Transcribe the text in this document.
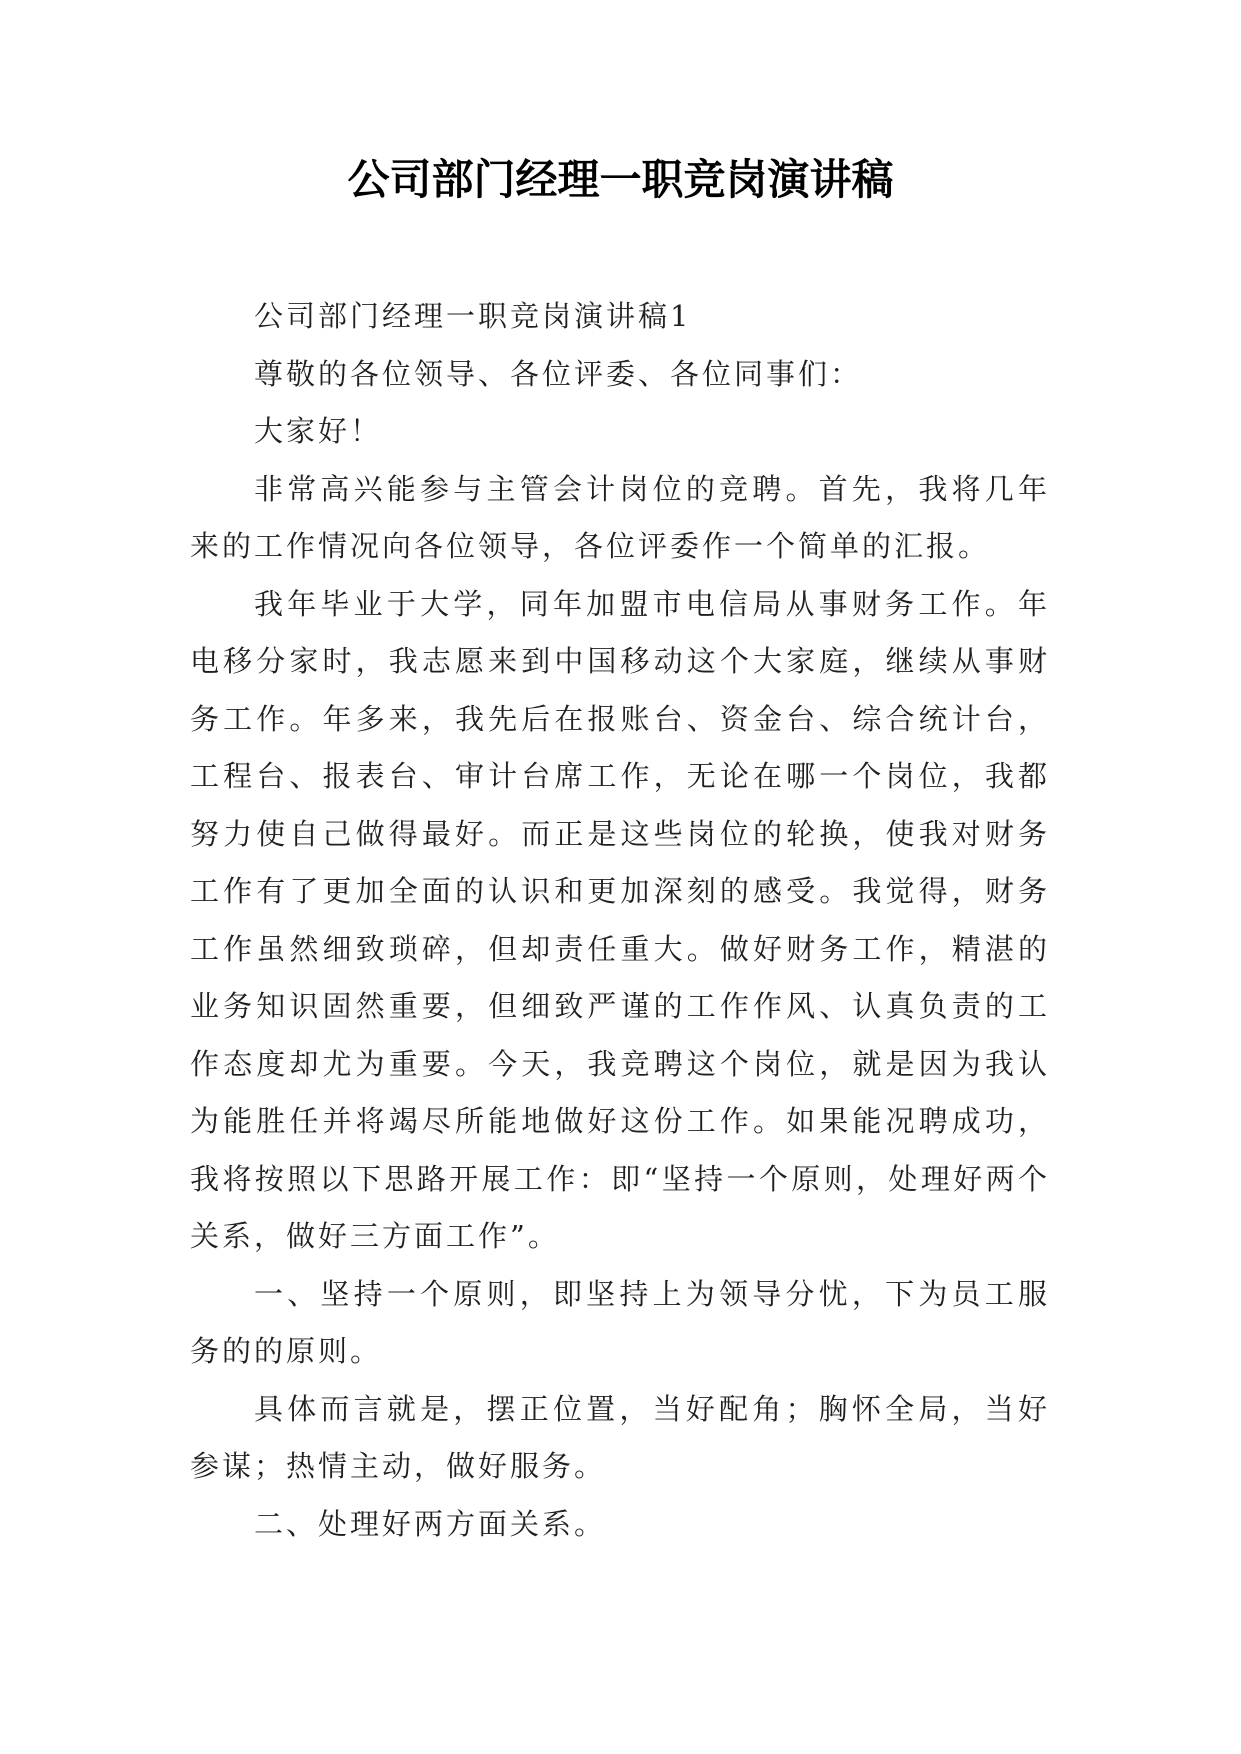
公司部门经理一职竞岗演讲稿

公司部门经理一职竞岗演讲稿1

尊敬的各位领导、各位评委、各位同事们：

大家好！

非常高兴能参与主管会计岗位的竞聘。首先，我将几年来的工作情况向各位领导，各位评委作一个简单的汇报。

我年毕业于大学，同年加盟市电信局从事财务工作。年电移分家时，我志愿来到中国移动这个大家庭，继续从事财务工作。年多来，我先后在报账台、资金台、综合统计台，工程台、报表台、审计台席工作，无论在哪一个岗位，我都努力使自己做得最好。而正是这些岗位的轮换，使我对财务工作有了更加全面的认识和更加深刻的感受。我觉得，财务工作虽然细致琐碎，但却责任重大。做好财务工作，精湛的业务知识固然重要，但细致严谨的工作作风、认真负责的工作态度却尤为重要。今天，我竞聘这个岗位，就是因为我认为能胜任并将竭尽所能地做好这份工作。如果能况聘成功，我将按照以下思路开展工作：即“坚持一个原则，处理好两个关系，做好三方面工作”。

一、坚持一个原则，即坚持上为领导分忧，下为员工服务的的原则。

具体而言就是，摆正位置，当好配角；胸怀全局，当好参谋；热情主动，做好服务。

二、处理好两方面关系。
